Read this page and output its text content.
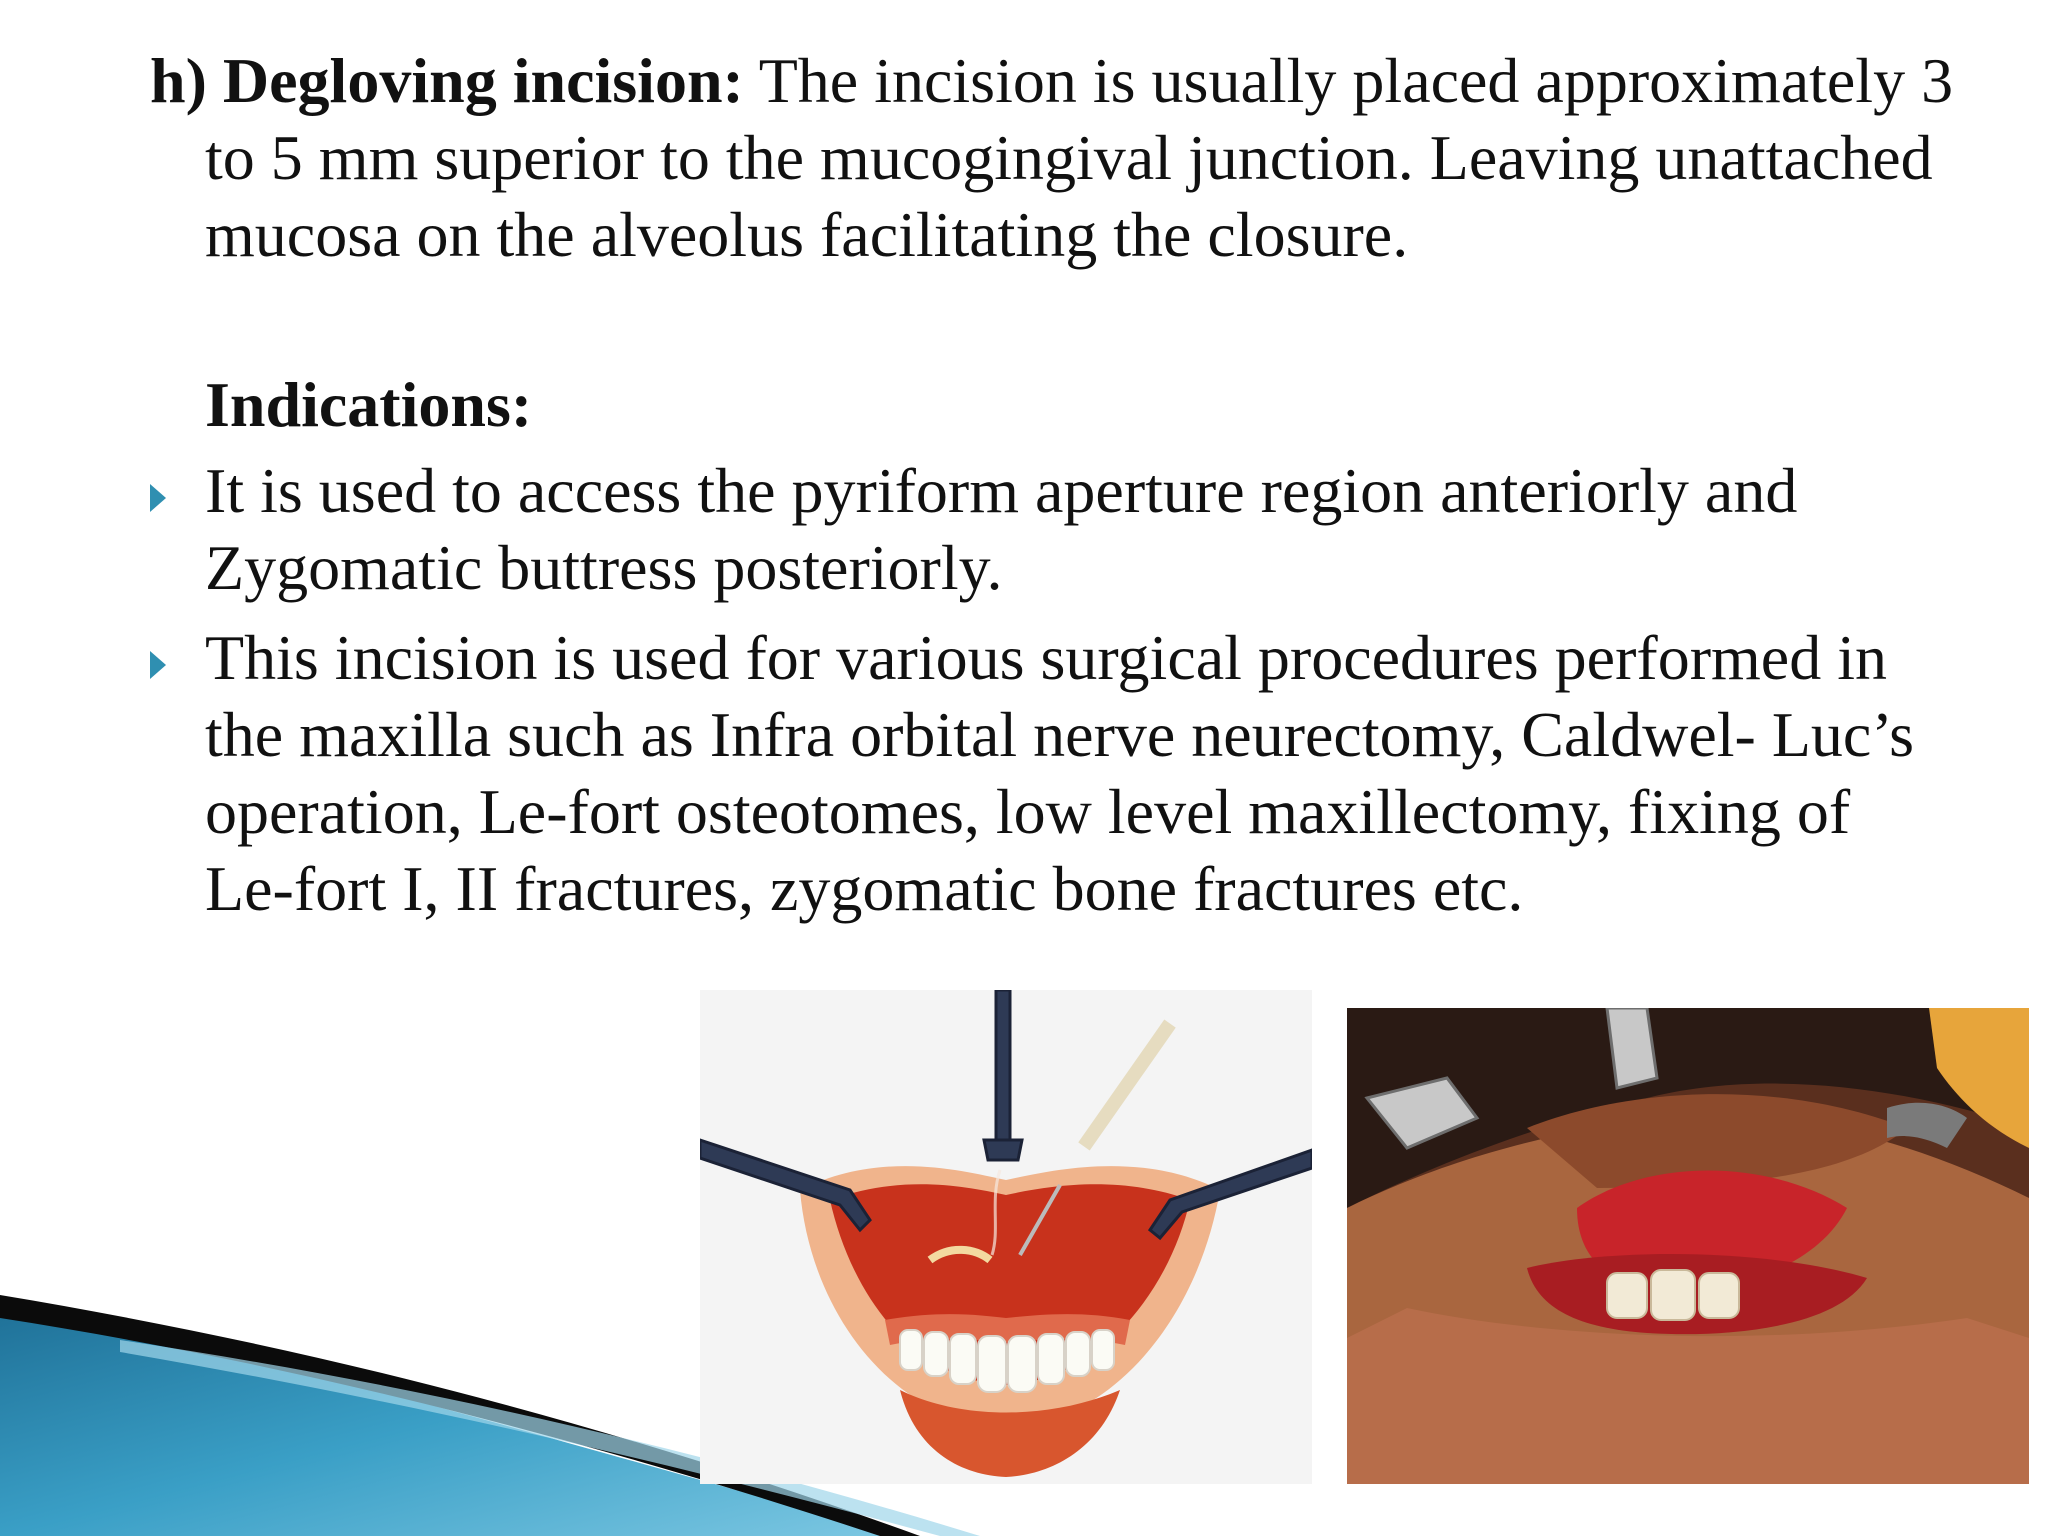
h) Degloving incision: The incision is usually placed approximately 3 to 5 mm superior to the mucogingival junction. Leaving unattached mucosa on the alveolus facilitating the closure.
Indications:
It is used to access the pyriform aperture region anteriorly and Zygomatic buttress posteriorly.
This incision is used for various surgical procedures performed in the maxilla such as Infra orbital nerve neurectomy, Caldwel- Luc’s operation, Le-fort osteotomes, low level maxillectomy, fixing of Le-fort I, II fractures, zygomatic bone fractures etc.
